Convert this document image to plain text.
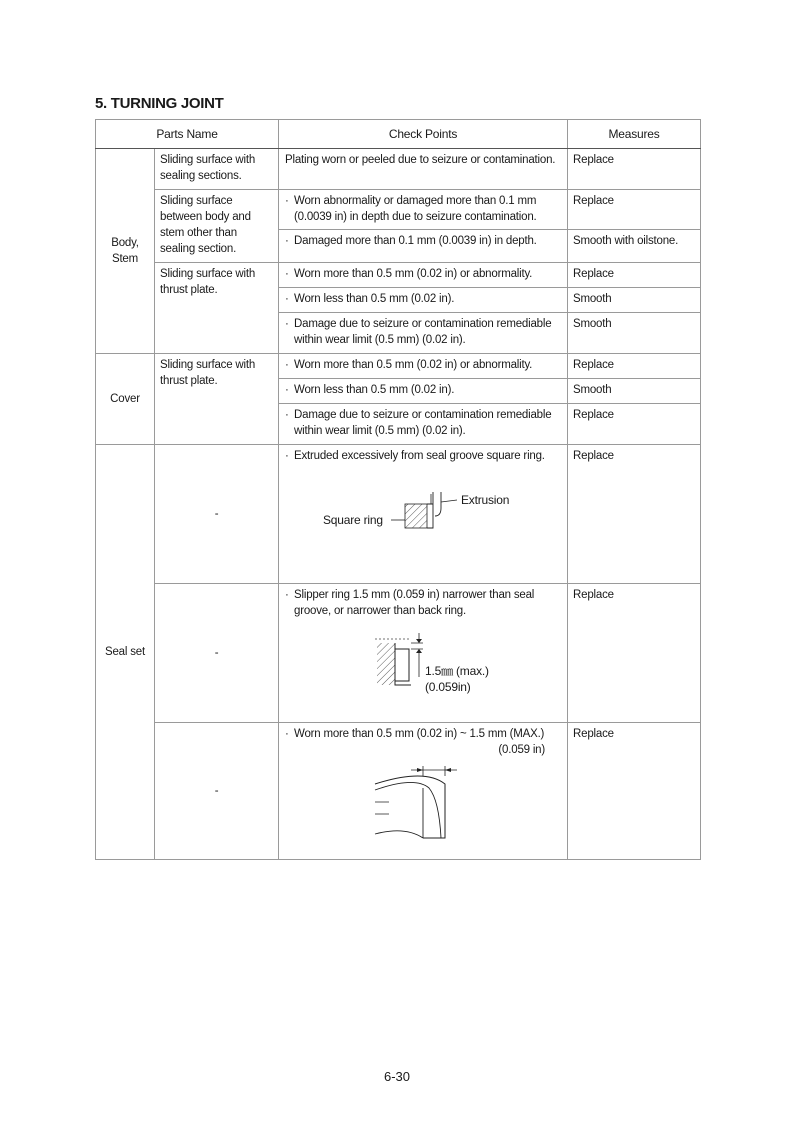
5. TURNING JOINT
Parts Name		Check Points	Measures
Body, Stem	Sliding surface with sealing sections.	Plating worn or peeled due to seizure or contamination.	Replace
	Sliding surface between body and stem other than sealing section.	· Worn abnormality or damaged more than 0.1 mm
(0.0039 in) in depth due to seizure contamination.	Replace
		· Damaged more than 0.1 mm (0.0039 in) in depth.	Smooth with oilstone.
	Sliding surface with thrust plate.	· Worn more than 0.5 mm (0.02 in) or abnormality.	Replace
		· Worn less than 0.5 mm (0.02 in).	Smooth
		· Damage due to seizure or contamination remediable
within wear limit (0.5 mm) (0.02 in).	Smooth
Cover	Sliding surface with thrust plate.	· Worn more than 0.5 mm (0.02 in) or abnormality.	Replace
		· Worn less than 0.5 mm (0.02 in).	Smooth
		· Damage due to seizure or contamination remediable
within wear limit (0.5 mm) (0.02 in).	Replace
Seal set	-	· Extruded excessively from seal groove square ring.
Extrusion
Square ring	Replace
	-	· Slipper ring 1.5 mm (0.059 in) narrower than seal
groove, or narrower than back ring.
1.5㎜ (max.)
(0.059in)	Replace
	-	· Worn more than 0.5 mm (0.02 in) ~ 1.5 mm (MAX.)
(0.059 in)	Replace
6-30
